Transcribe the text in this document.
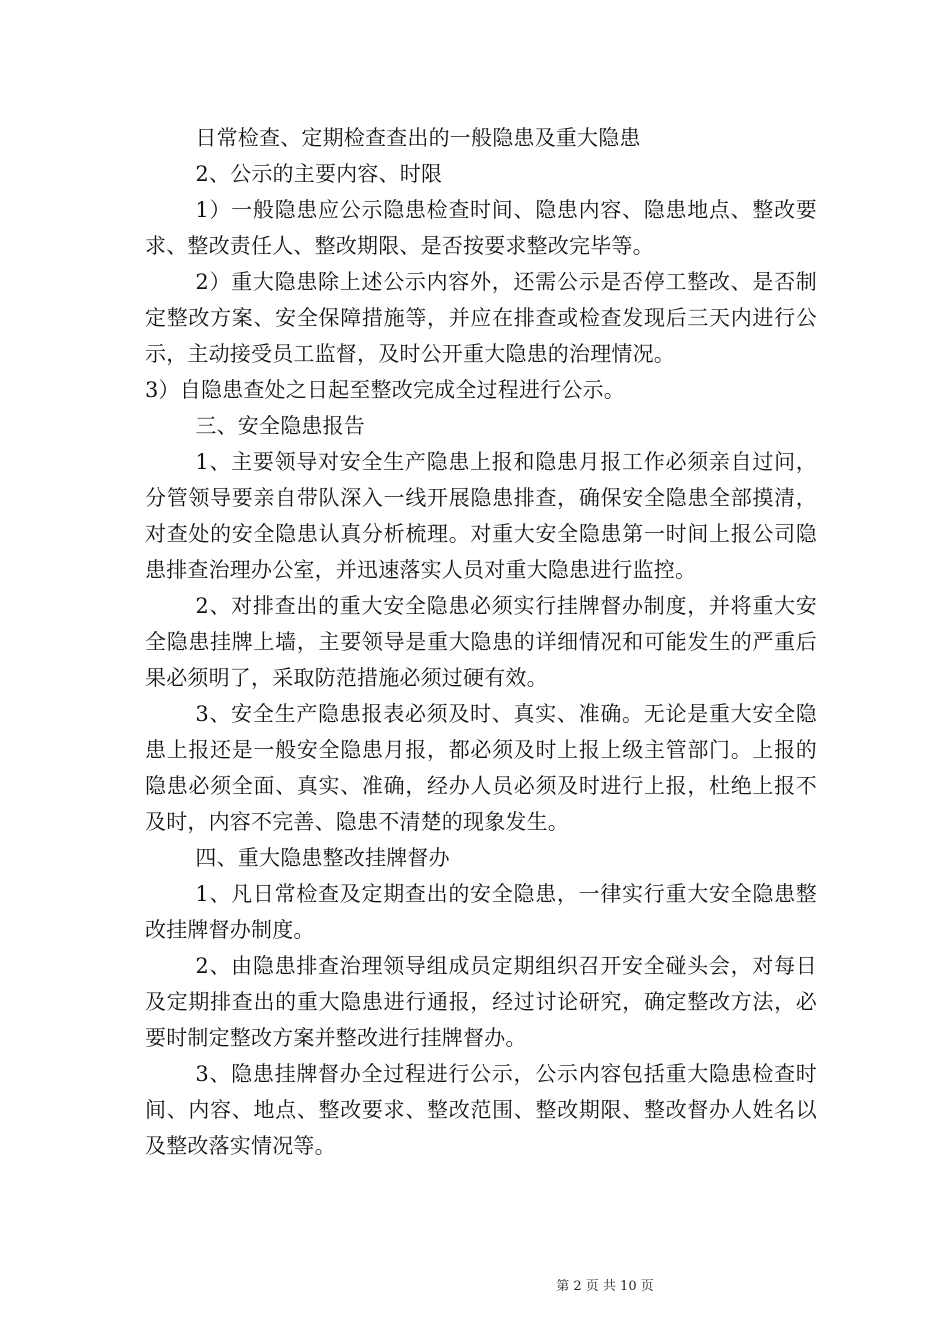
日常检查、定期检查查出的一般隐患及重大隐患

2、公示的主要内容、时限

1）一般隐患应公示隐患检查时间、隐患内容、隐患地点、整改要求、整改责任人、整改期限、是否按要求整改完毕等。

2）重大隐患除上述公示内容外，还需公示是否停工整改、是否制定整改方案、安全保障措施等，并应在排查或检查发现后三天内进行公示，主动接受员工监督，及时公开重大隐患的治理情况。

3）自隐患查处之日起至整改完成全过程进行公示。

三、安全隐患报告

1、主要领导对安全生产隐患上报和隐患月报工作必须亲自过问，分管领导要亲自带队深入一线开展隐患排查，确保安全隐患全部摸清，对查处的安全隐患认真分析梳理。对重大安全隐患第一时间上报公司隐患排查治理办公室，并迅速落实人员对重大隐患进行监控。

2、对排查出的重大安全隐患必须实行挂牌督办制度，并将重大安全隐患挂牌上墙，主要领导是重大隐患的详细情况和可能发生的严重后果必须明了，采取防范措施必须过硬有效。

3、安全生产隐患报表必须及时、真实、准确。无论是重大安全隐患上报还是一般安全隐患月报，都必须及时上报上级主管部门。上报的隐患必须全面、真实、准确，经办人员必须及时进行上报，杜绝上报不及时，内容不完善、隐患不清楚的现象发生。

四、重大隐患整改挂牌督办

1、凡日常检查及定期查出的安全隐患，一律实行重大安全隐患整改挂牌督办制度。

2、由隐患排查治理领导组成员定期组织召开安全碰头会，对每日及定期排查出的重大隐患进行通报，经过讨论研究，确定整改方法，必要时制定整改方案并整改进行挂牌督办。

3、隐患挂牌督办全过程进行公示，公示内容包括重大隐患检查时间、内容、地点、整改要求、整改范围、整改期限、整改督办人姓名以及整改落实情况等。

第 2 页 共 10 页
